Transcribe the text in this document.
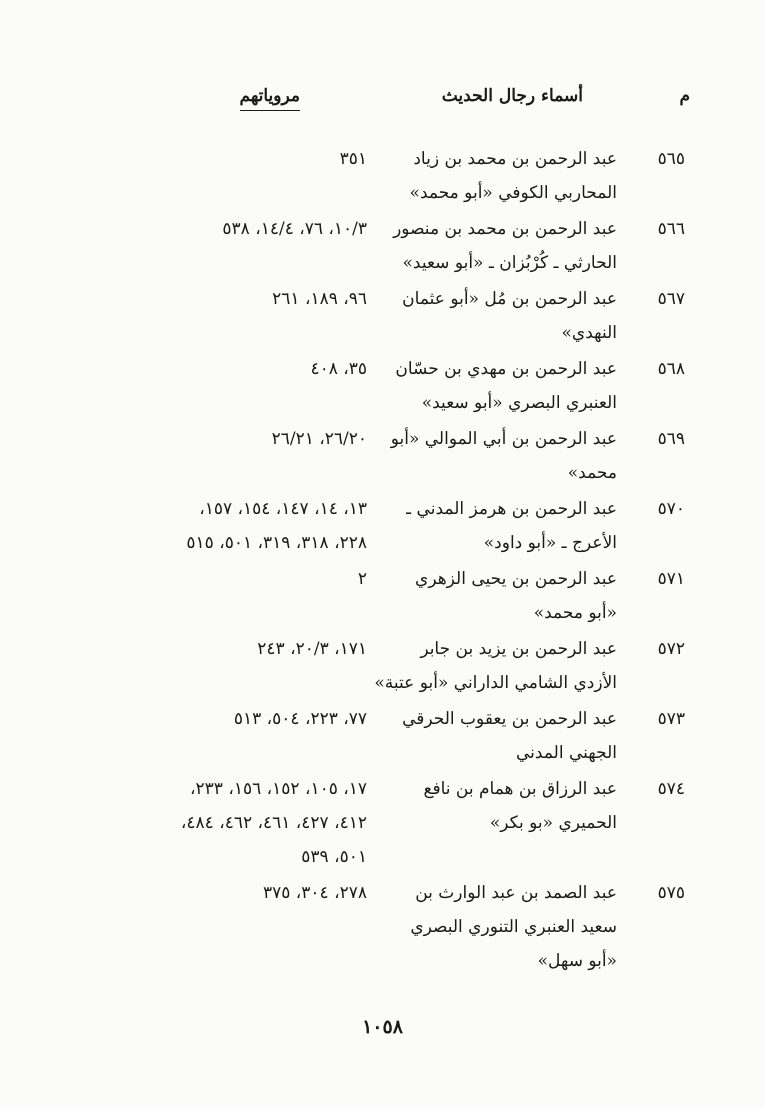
م
أسماء رجال الحديث
مروياتهم
٥٦٥
عبد الرحمن بن محمد بن زياد
المحاربي الكوفي «أبو محمد»
٣٥١
٥٦٦
عبد الرحمن بن محمد بن منصور
الحارثي ـ كُرْبُزان ـ «أبو سعيد»
١٠/٣، ٧٦، ١٤/٤، ٥٣٨
٥٦٧
عبد الرحمن بن مُل «أبو عثمان
النهدي»
٩٦، ١٨٩، ٢٦١
٥٦٨
عبد الرحمن بن مهدي بن حسّان
العنبري البصري «أبو سعيد»
٣٥، ٤٠٨
٥٦٩
عبد الرحمن بن أبي الموالي «أبو
محمد»
٢٦/٢٠، ٢٦/٢١
٥٧٠
عبد الرحمن بن هرمز المدني ـ
الأعرج ـ «أبو داود»
١٣، ١٤، ١٤٧، ١٥٤، ١٥٧،
٢٢٨، ٣١٨، ٣١٩، ٥٠١، ٥١٥
٥٧١
عبد الرحمن بن يحيى الزهري
«أبو محمد»
٢
٥٧٢
عبد الرحمن بن يزيد بن جابر
الأزدي الشامي الداراني «أبو عتبة»
١٧١، ٢٠/٣، ٢٤٣
٥٧٣
عبد الرحمن بن يعقوب الحرقي
الجهني المدني
٧٧، ٢٢٣، ٥٠٤، ٥١٣
٥٧٤
عبد الرزاق بن همام بن نافع
الحميري «بو بكر»
١٧، ١٠٥، ١٥٢، ١٥٦، ٢٣٣،
٤١٢، ٤٢٧، ٤٦١، ٤٦٢، ٤٨٤،
٥٠١، ٥٣٩
٥٧٥
عبد الصمد بن عبد الوارث بن
سعيد العنبري التنوري البصري
«أبو سهل»
٢٧٨، ٣٠٤، ٣٧٥
١٠٥٨
